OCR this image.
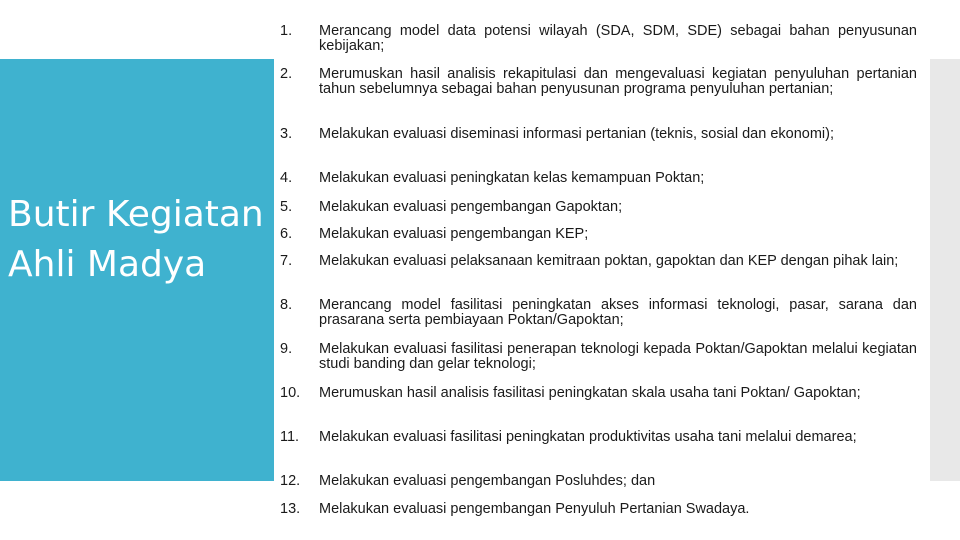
Butir Kegiatan
Ahli Madya
1.	Merancang model data potensi wilayah (SDA, SDM, SDE) sebagai bahan penyusunan kebijakan;
2.	Merumuskan hasil analisis rekapitulasi dan mengevaluasi kegiatan penyuluhan pertanian tahun sebelumnya sebagai bahan penyusunan programa penyuluhan pertanian;
3.	Melakukan evaluasi diseminasi informasi pertanian (teknis, sosial dan ekonomi);
4.	Melakukan evaluasi peningkatan kelas kemampuan Poktan;
5.	Melakukan evaluasi pengembangan Gapoktan;
6.	Melakukan evaluasi pengembangan KEP;
7.	Melakukan evaluasi pelaksanaan kemitraan poktan, gapoktan dan KEP dengan pihak lain;
8.	Merancang model fasilitasi peningkatan akses informasi teknologi, pasar, sarana dan prasarana serta pembiayaan Poktan/Gapoktan;
9.	Melakukan evaluasi fasilitasi penerapan teknologi kepada Poktan/Gapoktan melalui kegiatan studi banding dan gelar teknologi;
10.	Merumuskan hasil analisis fasilitasi peningkatan skala usaha tani Poktan/ Gapoktan;
11.	Melakukan evaluasi fasilitasi peningkatan produktivitas usaha tani melalui demarea;
12.	Melakukan evaluasi pengembangan Posluhdes; dan
13.	Melakukan evaluasi pengembangan Penyuluh Pertanian Swadaya.
